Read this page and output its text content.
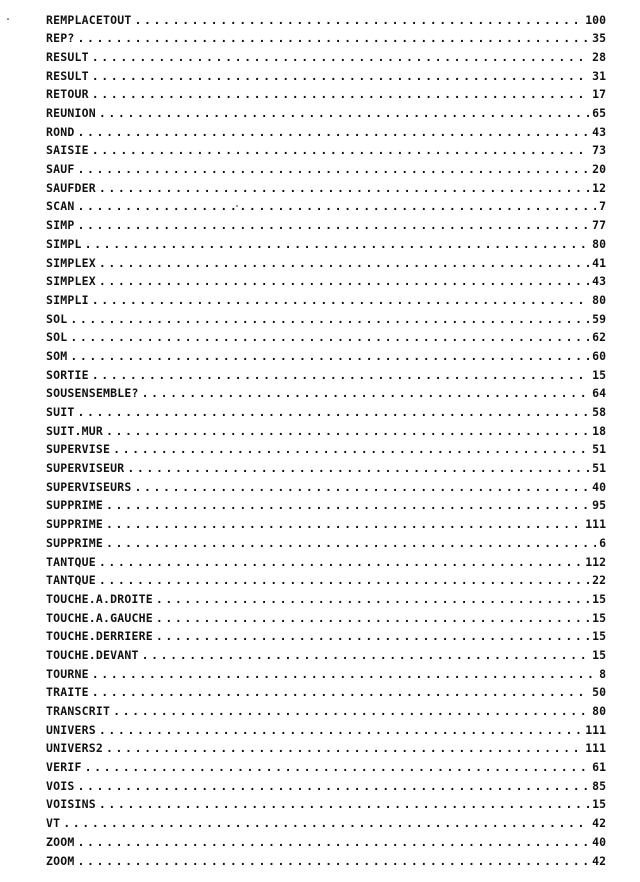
REMPLACETOUT .....	100
REP? .....	35
RESULT .....	28
RESULT .....	31
RETOUR .....	17
REUNION .....	65
ROND .....	43
SAISIE .....	73
SAUF .....	20
SAUFDER .....	12
SCAN .....	7
SIMP .....	77
SIMPL .....	80
SIMPLEX .....	41
SIMPLEX .....	43
SIMPLI .....	80
SOL .....	59
SOL .....	62
SOM .....	60
SORTIE .....	15
SOUSENSEMBLE? .....	64
SUIT .....	58
SUIT.MUR .....	18
SUPERVISE .....	51
SUPERVISEUR .....	51
SUPERVISEURS .....	40
SUPPRIME .....	95
SUPPRIME .....	111
SUPPRIME .....	6
TANTQUE .....	112
TANTQUE .....	22
TOUCHE.A.DROITE .....	15
TOUCHE.A.GAUCHE .....	15
TOUCHE.DERRIERE .....	15
TOUCHE.DEVANT .....	15
TOURNE .....	8
TRAITE .....	50
TRANSCRIT .....	80
UNIVERS .....	111
UNIVERS2 .....	111
VERIF .....	61
VOIS .....	85
VOISINS .....	15
VT .....	42
ZOOM .....	40
ZOOM .....	42
